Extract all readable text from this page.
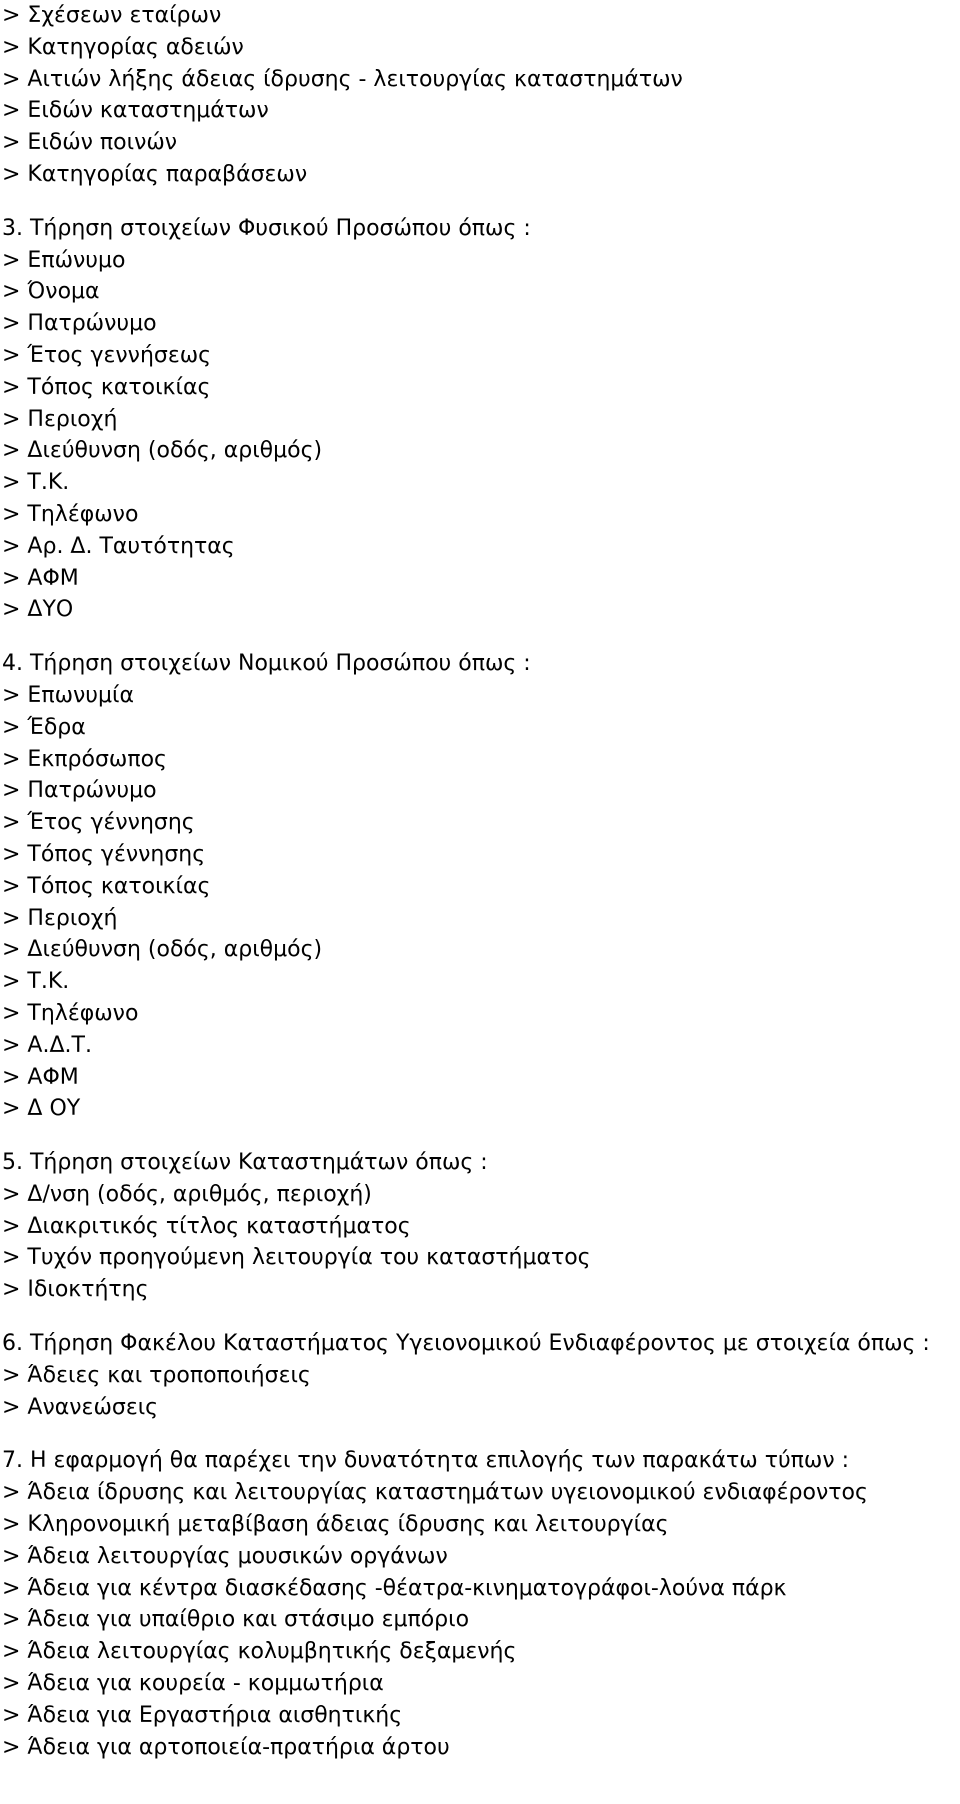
> Σχέσεων εταίρων
> Κατηγορίας αδειών
> Αιτιών λήξης άδειας ίδρυσης - λειτουργίας καταστημάτων
> Ειδών καταστημάτων
> Ειδών ποινών
> Κατηγορίας παραβάσεων
3. Τήρηση στοιχείων Φυσικού Προσώπου όπως :
> Επώνυμο
> Όνομα
> Πατρώνυμο
> Έτος γεννήσεως
> Τόπος κατοικίας
> Περιοχή
> Διεύθυνση (οδός, αριθμός)
> Τ.Κ.
> Τηλέφωνο
> Αρ. Δ. Ταυτότητας
> ΑΦΜ
> ΔΥΟ
4. Τήρηση στοιχείων Νομικού Προσώπου όπως :
> Επωνυμία
> Έδρα
> Εκπρόσωπος
> Πατρώνυμο
> Έτος γέννησης
> Τόπος γέννησης
> Τόπος κατοικίας
> Περιοχή
> Διεύθυνση (οδός, αριθμός)
> Τ.Κ.
> Τηλέφωνο
> Α.Δ.Τ.
> ΑΦΜ
> Δ ΟΥ
5. Τήρηση στοιχείων Καταστημάτων όπως :
> Δ/νση (οδός, αριθμός, περιοχή)
> Διακριτικός τίτλος καταστήματος
> Τυχόν προηγούμενη λειτουργία του καταστήματος
> Ιδιοκτήτης
6. Τήρηση Φακέλου Καταστήματος Υγειονομικού Ενδιαφέροντος με στοιχεία όπως :
> Άδειες και τροποποιήσεις
> Ανανεώσεις
7. Η εφαρμογή θα παρέχει την δυνατότητα επιλογής των παρακάτω τύπων :
> Άδεια ίδρυσης και λειτουργίας καταστημάτων υγειονομικού ενδιαφέροντος
> Κληρονομική μεταβίβαση άδειας ίδρυσης και λειτουργίας
> Άδεια λειτουργίας μουσικών οργάνων
> Άδεια για κέντρα διασκέδασης -θέατρα-κινηματογράφοι-λούνα πάρκ
> Άδεια για υπαίθριο και στάσιμο εμπόριο
> Άδεια λειτουργίας κολυμβητικής δεξαμενής
> Άδεια για κουρεία - κομμωτήρια
> Άδεια για Εργαστήρια αισθητικής
> Άδεια για αρτοποιεία-πρατήρια άρτου
